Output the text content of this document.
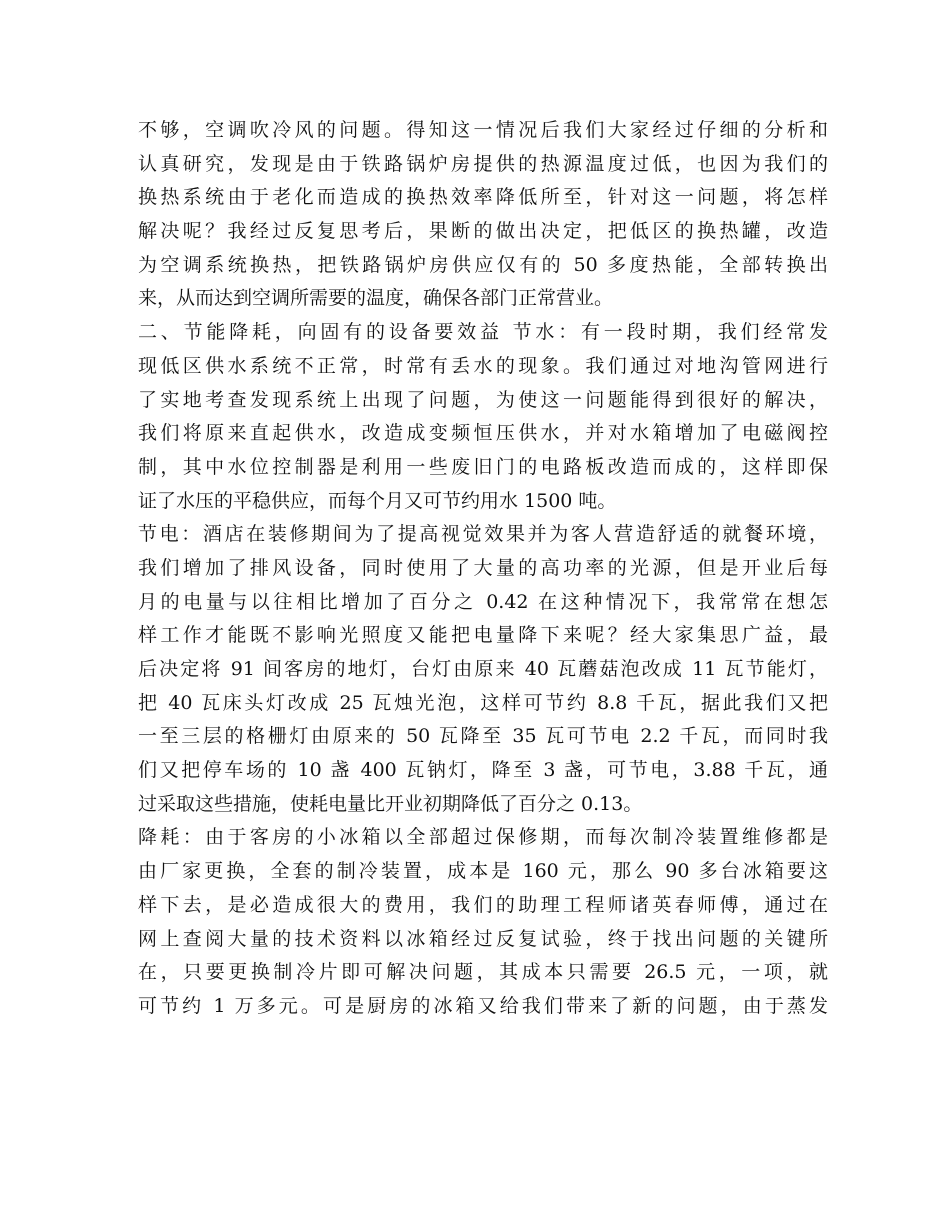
不够，空调吹冷风的问题。得知这一情况后我们大家经过仔细的分析和
认真研究，发现是由于铁路锅炉房提供的热源温度过低，也因为我们的
换热系统由于老化而造成的换热效率降低所至，针对这一问题，将怎样
解决呢？我经过反复思考后，果断的做出决定，把低区的换热罐，改造
为空调系统换热，把铁路锅炉房供应仅有的 50 多度热能，全部转换出
来，从而达到空调所需要的温度，确保各部门正常营业。
二、节能降耗，向固有的设备要效益 节水：有一段时期，我们经常发
现低区供水系统不正常，时常有丢水的现象。我们通过对地沟管网进行
了实地考查发现系统上出现了问题，为使这一问题能得到很好的解决，
我们将原来直起供水，改造成变频恒压供水，并对水箱增加了电磁阀控
制，其中水位控制器是利用一些废旧门的电路板改造而成的，这样即保
证了水压的平稳供应，而每个月又可节约用水 1500 吨。
节电：酒店在装修期间为了提高视觉效果并为客人营造舒适的就餐环境，
我们增加了排风设备，同时使用了大量的高功率的光源，但是开业后每
月的电量与以往相比增加了百分之 0.42 在这种情况下，我常常在想怎
样工作才能既不影响光照度又能把电量降下来呢？经大家集思广益，最
后决定将 91 间客房的地灯，台灯由原来 40 瓦蘑菇泡改成 11 瓦节能灯，
把 40 瓦床头灯改成 25 瓦烛光泡，这样可节约 8.8 千瓦，据此我们又把
一至三层的格栅灯由原来的 50 瓦降至 35 瓦可节电 2.2 千瓦，而同时我
们又把停车场的 10 盏 400 瓦钠灯，降至 3 盏，可节电，3.88 千瓦，通
过采取这些措施，使耗电量比开业初期降低了百分之 0.13。
降耗：由于客房的小冰箱以全部超过保修期，而每次制冷装置维修都是
由厂家更换，全套的制冷装置，成本是 160 元，那么 90 多台冰箱要这
样下去，是必造成很大的费用，我们的助理工程师诸英春师傅，通过在
网上查阅大量的技术资料以冰箱经过反复试验，终于找出问题的关键所
在，只要更换制冷片即可解决问题，其成本只需要 26.5 元，一项，就
可节约 1 万多元。可是厨房的冰箱又给我们带来了新的问题，由于蒸发
